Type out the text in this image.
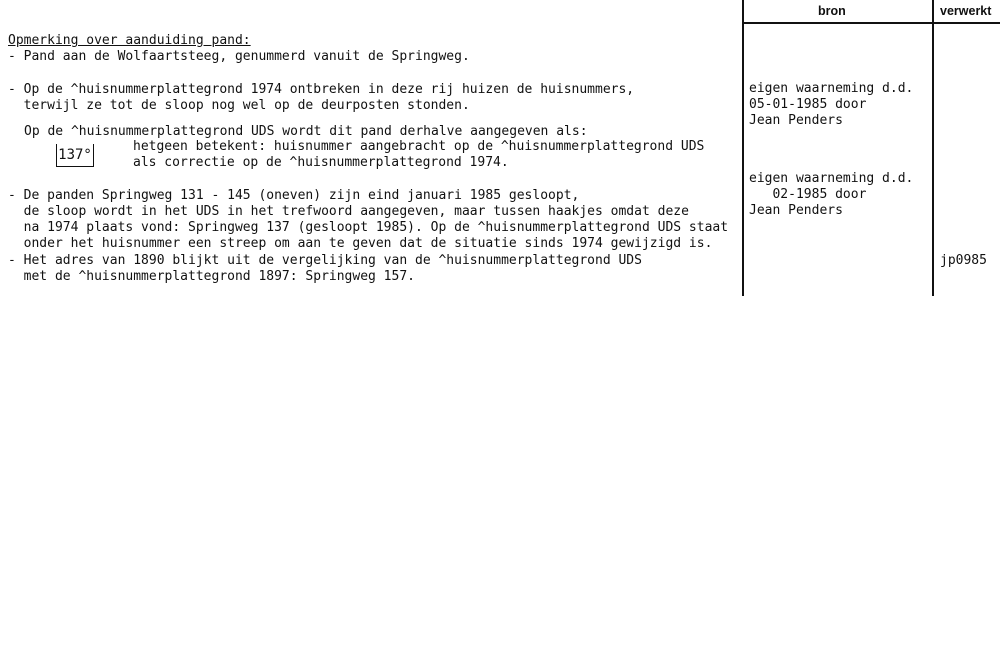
bron	verwerkt
Opmerking over aanduiding pand:
- Pand aan de Wolfaartsteeg, genummerd vanuit de Springweg.
- Op de ^huisnummerplattegrond 1974 ontbreken in deze rij huizen de huisnummers,
terwijl ze tot de sloop nog wel op de deurposten stonden.
Op de ^huisnummerplattegrond UDS wordt dit pand derhalve aangegeven als:
137°
hetgeen betekent: huisnummer aangebracht op de ^huisnummerplattegrond UDS
als correctie op de ^huisnummerplattegrond 1974.
- De panden Springweg 131 - 145 (oneven) zijn eind januari 1985 gesloopt,
de sloop wordt in het UDS in het trefwoord aangegeven, maar tussen haakjes omdat deze
na 1974 plaats vond: Springweg 137 (gesloopt 1985). Op de ^huisnummerplattegrond UDS staat
onder het huisnummer een streep om aan te geven dat de situatie sinds 1974 gewijzigd is.
- Het adres van 1890 blijkt uit de vergelijking van de ^huisnummerplattegrond UDS
met de ^huisnummerplattegrond 1897: Springweg 157.
eigen waarneming d.d.
05-01-1985 door
Jean Penders
eigen waarneming d.d.
02-1985 door
Jean Penders
jp0985
